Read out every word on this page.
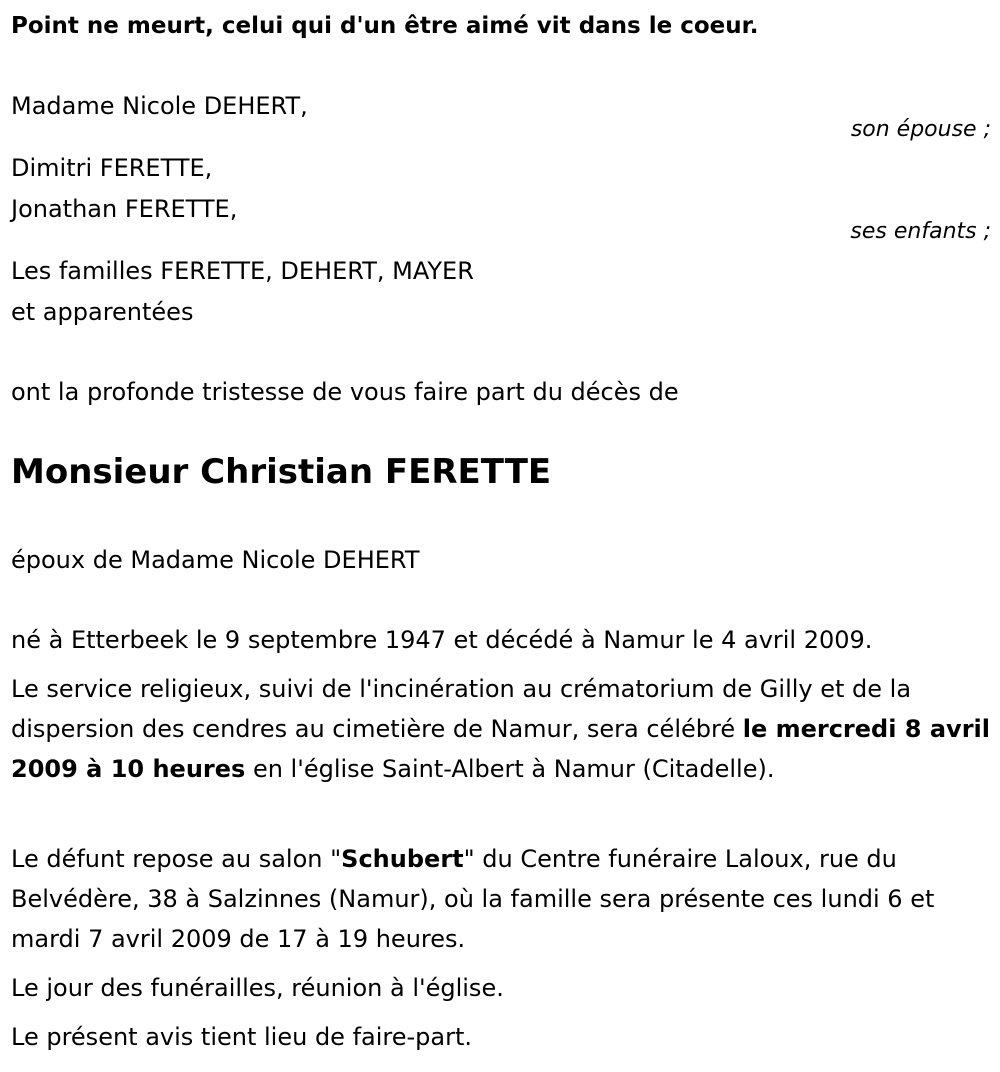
Point ne meurt, celui qui d'un être aimé vit dans le coeur.
Madame Nicole DEHERT,
son épouse ;
Dimitri FERETTE,
Jonathan FERETTE,
ses enfants ;
Les familles FERETTE, DEHERT, MAYER
et apparentées
ont la profonde tristesse de vous faire part du décès de
Monsieur Christian FERETTE
époux de Madame Nicole DEHERT
né à Etterbeek le 9 septembre 1947 et décédé à Namur le 4 avril 2009.
Le service religieux, suivi de l'incinération au crématorium de Gilly et de la dispersion des cendres au cimetière de Namur, sera célébré le mercredi 8 avril 2009 à 10 heures en l'église Saint-Albert à Namur (Citadelle).
Le défunt repose au salon "Schubert" du Centre funéraire Laloux, rue du Belvédère, 38 à Salzinnes (Namur), où la famille sera présente ces lundi 6 et mardi 7 avril 2009 de 17 à 19 heures.
Le jour des funérailles, réunion à l'église.
Le présent avis tient lieu de faire-part.
